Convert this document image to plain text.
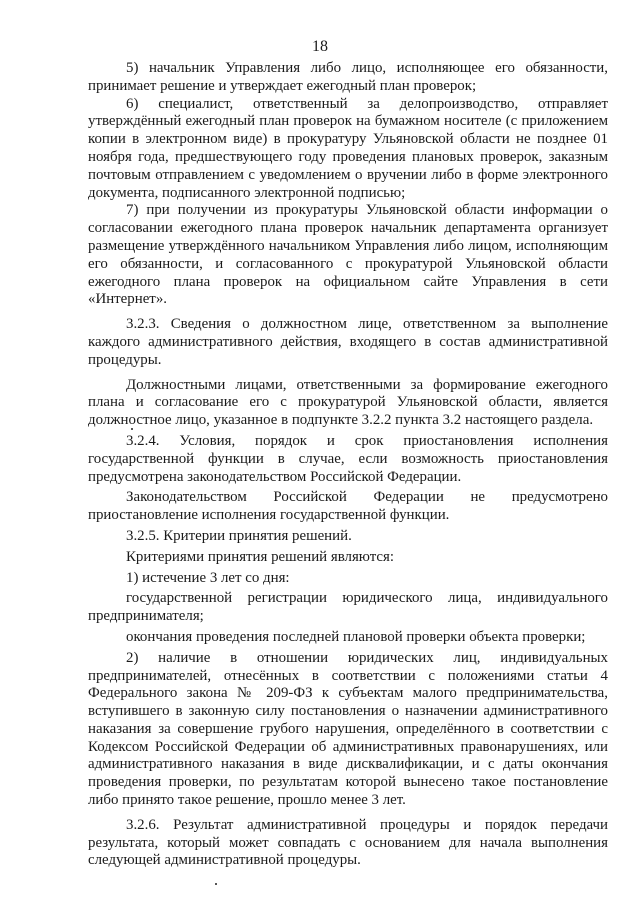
18

5) начальник Управления либо лицо, исполняющее его обязанности, принимает решение и утверждает ежегодный план проверок;

6) специалист, ответственный за делопроизводство, отправляет утверждённый ежегодный план проверок на бумажном носителе (с приложением копии в электронном виде) в прокуратуру Ульяновской области не позднее 01 ноября года, предшествующего году проведения плановых проверок, заказным почтовым отправлением с уведомлением о вручении либо в форме электронного документа, подписанного электронной подписью;

7) при получении из прокуратуры Ульяновской области информации о согласовании ежегодного плана проверок начальник департамента организует размещение утверждённого начальником Управления либо лицом, исполняющим его обязанности, и согласованного с прокуратурой Ульяновской области ежегодного плана проверок на официальном сайте Управления в сети «Интернет».

3.2.3. Сведения о должностном лице, ответственном за выполнение каждого административного действия, входящего в состав административной процедуры.

Должностными лицами, ответственными за формирование ежегодного плана и согласование его с прокуратурой Ульяновской области, является должностное лицо, указанное в подпункте 3.2.2 пункта 3.2 настоящего раздела.

3.2.4. Условия, порядок и срок приостановления исполнения государственной функции в случае, если возможность приостановления предусмотрена законодательством Российской Федерации.

Законодательством Российской Федерации не предусмотрено приостановление исполнения государственной функции.

3.2.5. Критерии принятия решений.

Критериями принятия решений являются:

1) истечение 3 лет со дня:

государственной регистрации юридического лица, индивидуального предпринимателя;

окончания проведения последней плановой проверки объекта проверки;

2) наличие в отношении юридических лиц, индивидуальных предпринимателей, отнесённых в соответствии с положениями статьи 4 Федерального закона № 209-ФЗ к субъектам малого предпринимательства, вступившего в законную силу постановления о назначении административного наказания за совершение грубого нарушения, определённого в соответствии с Кодексом Российской Федерации об административных правонарушениях, или административного наказания в виде дисквалификации, и с даты окончания проведения проверки, по результатам которой вынесено такое постановление либо принято такое решение, прошло менее 3 лет.

3.2.6. Результат административной процедуры и порядок передачи результата, который может совпадать с основанием для начала выполнения следующей административной процедуры.
